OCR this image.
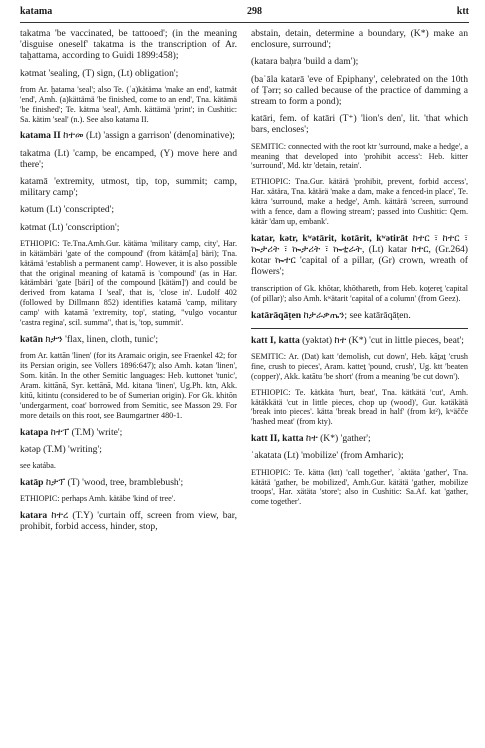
katama	298	ktt
takatma 'be vaccinated, be tattooed'; (in the meaning 'disguise oneself' takatma is the transcription of Ar. taḫattama, according to Guidi 1899:458);
kətmat 'sealing, (T) sign, (Lt) obligation';
from Ar. ḫatama 'seal'; also Te. (ʾa)kätäma 'make an end', katmät 'end', Amh. (a)kättämä 'be finished, come to an end', Tna. kätämä 'be finished'; Te. kätma 'seal', Amh. kättämä 'print'; in Cushitic: Sa. kätim 'seal' (n.). See also katama II.
katama II ከተመ (Lt) 'assign a garrison' (denominative);
takatma (Lt) 'camp, be encamped, (Y) move here and there';
katamā 'extremity, utmost, tip, top, summit; camp, military camp';
kətum (Lt) 'conscripted';
kətmat (Lt) 'conscription';
ETHIOPIC: Te.Tna.Amh.Gur. kätäma 'military camp, city', Har. in kätämbäri 'gate of the compound' (from kätäm[a] bäri); Tna. kätämä 'establish a permanent camp'. However, it is also possible that the original meaning of katamā is 'compound' (as in Har. kätämbäri 'gate [bäri] of the compound [kätäm]') and could be derived from katama I 'seal', that is, 'close in'. Ludolf 402 (followed by Dillmann 852) identifies katamā 'camp, military camp' with katamā 'extremity, top', stating, "vulgo vocantur 'castra regina', scil. summa", that is, 'top, summit'.
kətān ክታን 'flax, linen, cloth, tunic';
from Ar. kattān 'linen' (for its Aramaic origin, see Fraenkel 42; for its Persian origin, see Vollers 1896:647); also Amh. kətan 'linen', Som. kitān. In the other Semitic languages: Heb. kuttonet 'tunic', Aram. kittānā, Syr. kettānā, Md. kitana 'linen', Ug.Ph. ktn, Akk. kitū, kitintu (considered to be of Sumerian origin). For Gk. khitōn 'undergarment, coat' borrowed from Semitic, see Masson 29. For more details on this root, see Baumgartner 480-1.
katapa ከተፐ (T.M) 'write';
kətəp (T.M) 'writing';
see katába.
katāp ከታፕ (T) 'wood, tree, bramblebush';
ETHIOPIC: perhaps Amh. kätäbe 'kind of tree'.
katara ከተረ (T.Y) 'curtain off, screen from view, bar, prohibit, forbid access, hinder, stop,
abstain, detain, determine a boundary, (K*) make an enclosure, surround';
(katara baḥra 'build a dam');
(baʿāla katarā 'eve of Epiphany', celebrated on the 10th of Ṭərr; so called because of the practice of damming a stream to form a pond);
katāri, fem. of katāri (T⁺) 'lion's den', lit. 'that which bars, encloses';
SEMITIC: connected with the root ktr 'surround, make a hedge', a meaning that developed into 'prohibit access': Heb. kitter 'surround', Md. ktr 'detain, retain'.
ETHIOPIC: Tna.Gur. kätärä 'prohibit, prevent, forbid access', Har. xätära, Tna. kätärä 'make a dam, make a fenced-in place', Te. kätra 'surround, make a hedge', Amh. kättärä 'screen, surround with a fence, dam a flowing stream'; passed into Cushitic: Qem. kätär 'dam up, embank'.
katar, kətr, kʷətārit, kotārit, kʷətirāt ከተር ፣ ከተር ፣ ኰታሪት ፣ ኰታሪት ፣ ኰቲራት, (Lt) katar ከተር, (Gr.264) kotar ኰተር 'capital of a pillar, (Gr) crown, wreath of flowers';
transcription of Gk. khōtar, khōthareth, from Heb. koṯereṯ 'capital (of pillar)'; also Amh. kʷätarit 'capital of a column' (from Geez).
katārāqāṭen ከታራቃጤን; see katārāqāṭen.
katt I, katta (yəktət) ከተ (K*) 'cut in little pieces, beat';
SEMITIC: Ar. (Dat) katt 'demolish, cut down', Heb. kāṯaṯ 'crush fine, crush to pieces', Aram. katteṯ 'pound, crush', Ug. ktt 'beaten (copper)', Akk. katātu 'be short' (from a meaning 'be cut down').
ETHIOPIC: Te. kätkäta 'hurt, beat', Tna. kätkätä 'cut', Amh. kätäkkätä 'cut in little pieces, chop up (wood)', Gur. kətäkätä 'break into pieces'. kätta 'break bread in half' (from kt²), kʷäčče 'hashed meat' (from kty).
katt II, katta ከተ (K*) 'gather';
ʾakatata (Lt) 'mobilize' (from Amharic);
ETHIOPIC: Te. kätta (ktt) 'call together', ʾaktäta 'gather', Tna. kätätä 'gather, be mobilized', Amh.Gur. kätätä 'gather, mobilize troops', Har. xätäta 'store'; also in Cushitic: Sa.Af. kat 'gather, come together'.
